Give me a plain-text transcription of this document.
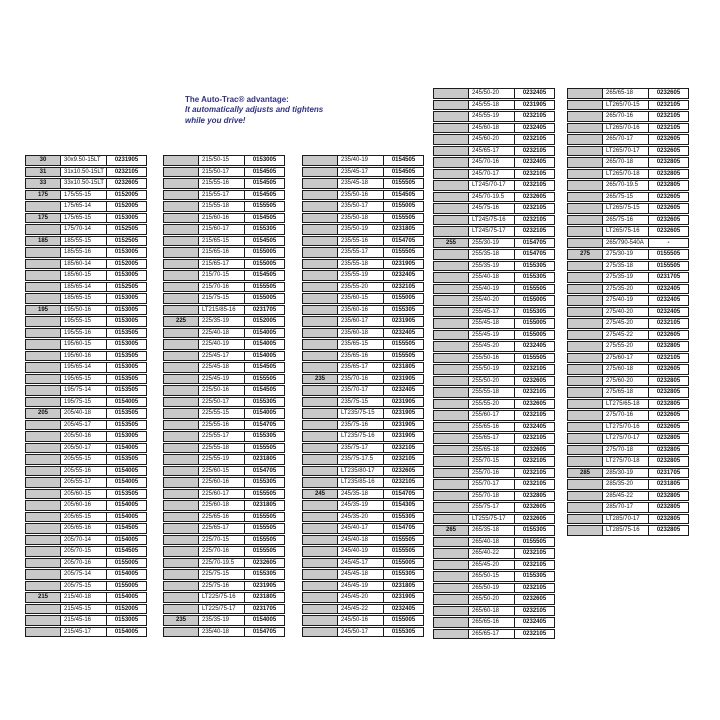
The Auto-Trac® advantage:
It automatically adjusts and tightens
while you drive!
30	30x9.50-15LT	0231905
31	31x10.50-15LT	0232105
33	33x10.50-15LT	0232605
175	175/55-15	0152005
175/65-14	0152005
175	175/65-15	0153005
175/70-14	0152505
185	185/55-15	0152505
185/55-16	0153005
185/60-14	0152005
185/60-15	0153005
185/65-14	0152505
185/65-15	0153005
195	195/50-16	0153005
195/55-15	0153005
195/55-16	0153505
195/60-15	0153005
195/60-16	0153505
195/65-14	0153005
195/65-15	0153505
195/75-14	0153505
195/75-15	0154005
205	205/40-18	0153505
205/45-17	0153505
205/50-16	0153005
205/50-17	0154005
205/55-15	0153505
205/55-16	0154005
205/55-17	0154005
205/60-15	0153505
205/60-16	0154005
205/65-15	0154005
205/65-16	0154505
205/70-14	0154005
205/70-15	0154505
205/70-16	0155005
205/75-14	0154005
205/75-15	0155005
215	215/40-18	0154005
215/45-15	0152005
215/45-16	0153005
215/45-17	0154005
215/50-15	0153005
215/50-17	0154505
215/55-16	0154505
215/55-17	0154505
215/55-18	0155505
215/60-16	0154505
215/60-17	0155305
215/65-15	0154505
215/65-16	0155005
215/65-17	0155005
215/70-15	0154505
215/70-16	0155505
215/75-15	0155005
LT215/85-16	0231705
225	225/35-19	0152005
225/40-18	0154005
225/40-19	0154005
225/45-17	0154005
225/45-18	0154505
225/45-19	0155505
225/50-16	0154505
225/50-17	0155305
225/55-15	0154005
225/55-16	0154705
225/55-17	0155305
225/55-18	0155505
225/55-19	0231805
225/60-15	0154705
225/60-16	0155305
225/60-17	0155505
225/60-18	0231805
225/65-16	0155505
225/65-17	0155505
225/70-15	0155505
225/70-16	0155505
225/70-19.5	0232605
225/75-15	0155305
225/75-16	0231905
LT225/75-16	0231805
LT225/75-17	0231705
235	235/35-19	0154005
235/40-18	0154705
235/40-19	0154505
235/45-17	0154505
235/45-18	0155505
235/50-16	0154505
235/50-17	0155005
235/50-18	0155505
235/50-19	0231805
235/55-16	0154705
235/55-17	0155505
235/55-18	0231905
235/55-19	0232405
235/55-20	0232105
235/60-15	0155005
235/60-16	0155305
235/60-17	0231905
235/60-18	0232405
235/65-15	0155505
235/65-16	0155505
235/65-17	0231805
235	235/70-16	0231905
235/70-17	0232405
235/75-15	0231905
LT235/75-15	0231905
235/75-16	0231905
LT235/75-16	0231905
235/75-17	0232105
235/75-17.5	0232105
LT235/80-17	0232605
LT235/85-16	0232105
245	245/35-18	0154705
245/35-19	0154305
245/35-20	0155305
245/40-17	0154705
245/40-18	0155505
245/40-19	0155505
245/45-17	0155005
245/45-18	0155305
245/45-19	0231805
245/45-20	0231905
245/45-22	0232405
245/50-16	0155005
245/50-17	0155305
245/50-20	0232405
245/55-18	0231905
245/55-19	0232105
245/60-18	0232405
245/60-20	0232105
245/65-17	0232105
245/70-16	0232405
245/70-17	0232105
LT245/70-17	0232105
245/70-19.5	0232605
245/75-16	0232105
LT245/75-16	0232105
LT245/75-17	0232105
255	255/30-19	0154705
255/35-18	0154705
255/35-19	0155305
255/40-18	0155305
255/40-19	0155505
255/40-20	0155005
255/45-17	0155305
255/45-18	0155005
255/45-19	0155005
255/45-20	0232405
255/50-16	0155505
255/50-19	0232105
255/50-20	0232605
255/55-18	0232105
255/55-20	0232605
255/60-17	0232105
255/65-16	0232405
255/65-17	0232105
255/65-18	0232605
255/70-15	0232105
255/70-16	0232105
255/70-17	0232105
255/70-18	0232805
255/75-17	0232605
LT255/75-17	0232605
265	265/35-18	0155305
265/40-18	0155505
265/40-22	0232105
265/45-20	0232105
265/50-15	0155305
265/50-19	0232105
265/50-20	0232605
265/60-18	0232105
265/65-16	0232405
265/65-17	0232105
265/65-18	0232605
LT265/70-15	0232105
265/70-16	0232105
LT265/70-16	0232105
265/70-17	0232605
LT265/70-17	0232605
265/70-18	0232805
LT265/70-18	0232805
265/70-19.5	0232805
265/75-15	0232605
LT265/75-15	0232605
265/75-16	0232605
LT265/75-16	0232605
265/790-540A	-
275	275/30-19	0155505
275/35-18	0155505
275/35-19	0231705
275/35-20	0232405
275/40-19	0232405
275/40-20	0232405
275/45-20	0232105
275/45-22	0232605
275/55-20	0232805
275/60-17	0232105
275/60-18	0232605
275/60-20	0232805
275/65-18	0232805
LT275/65-18	0232805
275/70-16	0232605
LT275/70-16	0232605
LT275/70-17	0232805
275/70-18	0232805
LT275/70-18	0232805
285	285/30-19	0231705
285/35-20	0231805
285/45-22	0232805
285/70-17	0232805
LT285/70-17	0232805
LT285/75-16	0232805
